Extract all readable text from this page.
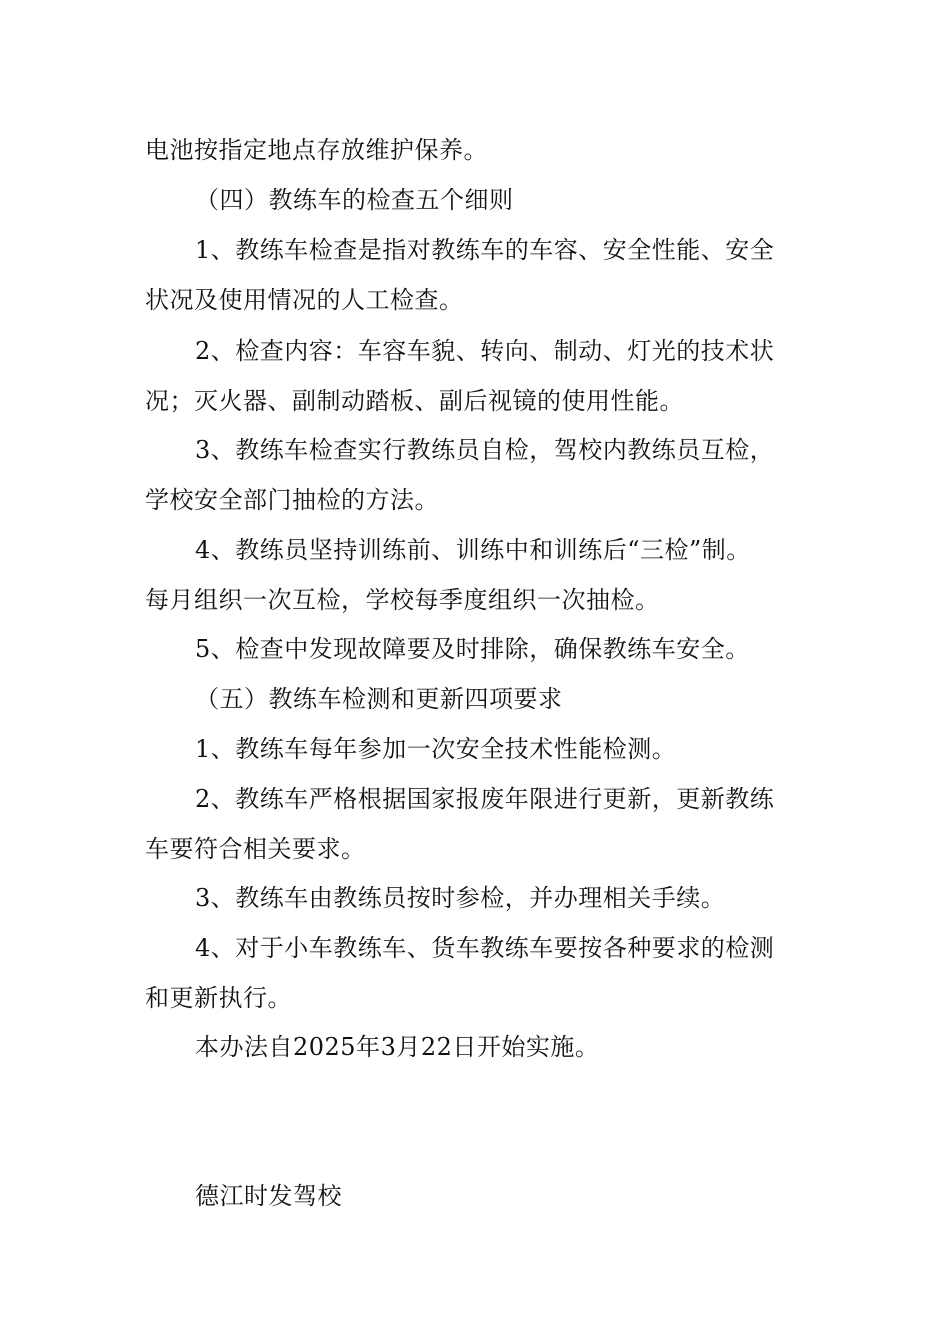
电池按指定地点存放维护保养。
（四）教练车的检查五个细则
1、教练车检查是指对教练车的车容、安全性能、安全
状况及使用情况的人工检查。
2、检查内容：车容车貌、转向、制动、灯光的技术状
况；灭火器、副制动踏板、副后视镜的使用性能。
3、教练车检查实行教练员自检，驾校内教练员互检，
学校安全部门抽检的方法。
4、教练员坚持训练前、训练中和训练后“三检”制。
每月组织一次互检，学校每季度组织一次抽检。
5、检查中发现故障要及时排除，确保教练车安全。
（五）教练车检测和更新四项要求
1、教练车每年参加一次安全技术性能检测。
2、教练车严格根据国家报废年限进行更新，更新教练
车要符合相关要求。
3、教练车由教练员按时参检，并办理相关手续。
4、对于小车教练车、货车教练车要按各种要求的检测
和更新执行。
本办法自2025年3月22日开始实施。
德江时发驾校
